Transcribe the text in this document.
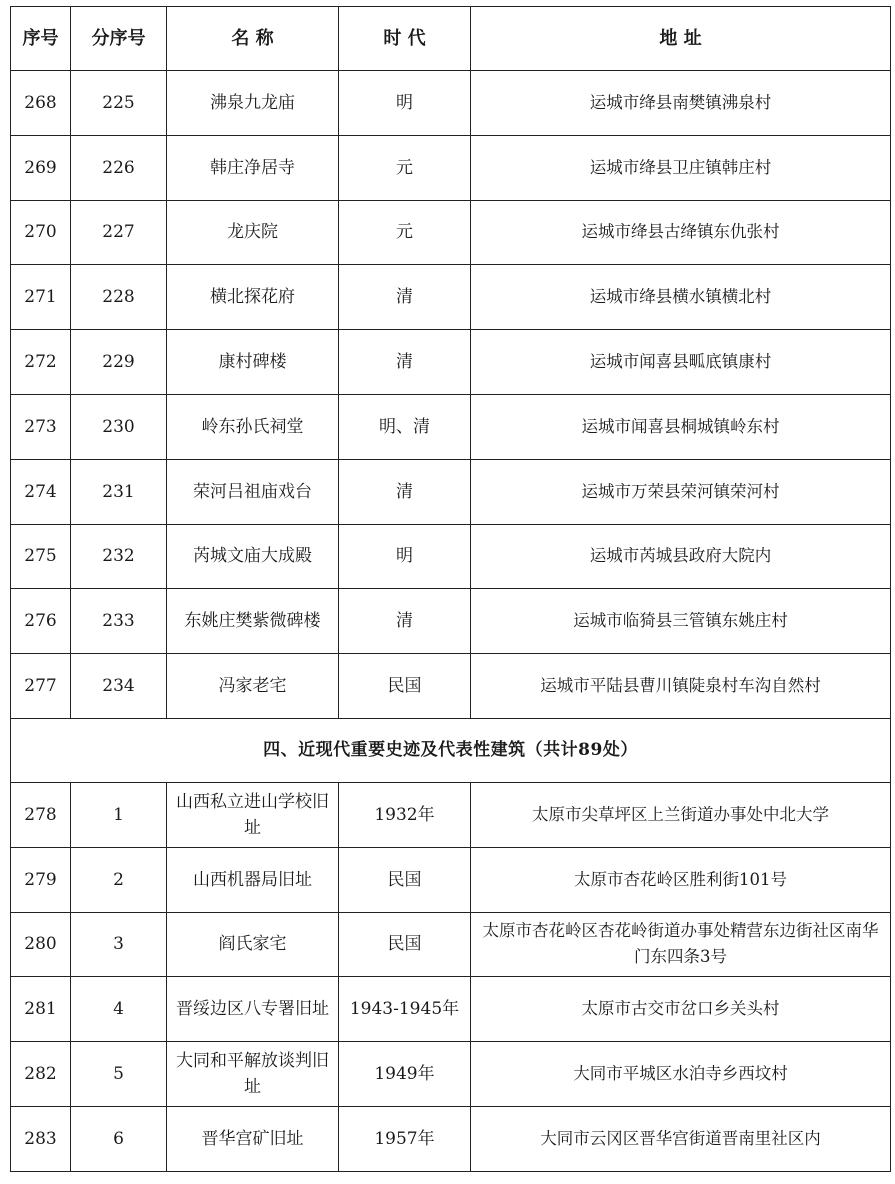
序号	分序号	名 称	时 代	地 址
268	225	沸泉九龙庙	明	运城市绛县南樊镇沸泉村
269	226	韩庄净居寺	元	运城市绛县卫庄镇韩庄村
270	227	龙庆院	元	运城市绛县古绛镇东仇张村
271	228	横北探花府	清	运城市绛县横水镇横北村
272	229	康村碑楼	清	运城市闻喜县畖底镇康村
273	230	岭东孙氏祠堂	明、清	运城市闻喜县桐城镇岭东村
274	231	荣河吕祖庙戏台	清	运城市万荣县荣河镇荣河村
275	232	芮城文庙大成殿	明	运城市芮城县政府大院内
276	233	东姚庄樊紫微碑楼	清	运城市临猗县三管镇东姚庄村
277	234	冯家老宅	民国	运城市平陆县曹川镇陡泉村车沟自然村
四、近现代重要史迹及代表性建筑（共计89处）				
278	1	山西私立进山学校旧址	1932年	太原市尖草坪区上兰街道办事处中北大学
279	2	山西机器局旧址	民国	太原市杏花岭区胜利街101号
280	3	阎氏家宅	民国	太原市杏花岭区杏花岭街道办事处精营东边街社区南华门东四条3号
281	4	晋绥边区八专署旧址	1943-1945年	太原市古交市岔口乡关头村
282	5	大同和平解放谈判旧址	1949年	大同市平城区水泊寺乡西坟村
283	6	晋华宫矿旧址	1957年	大同市云冈区晋华宫街道晋南里社区内
